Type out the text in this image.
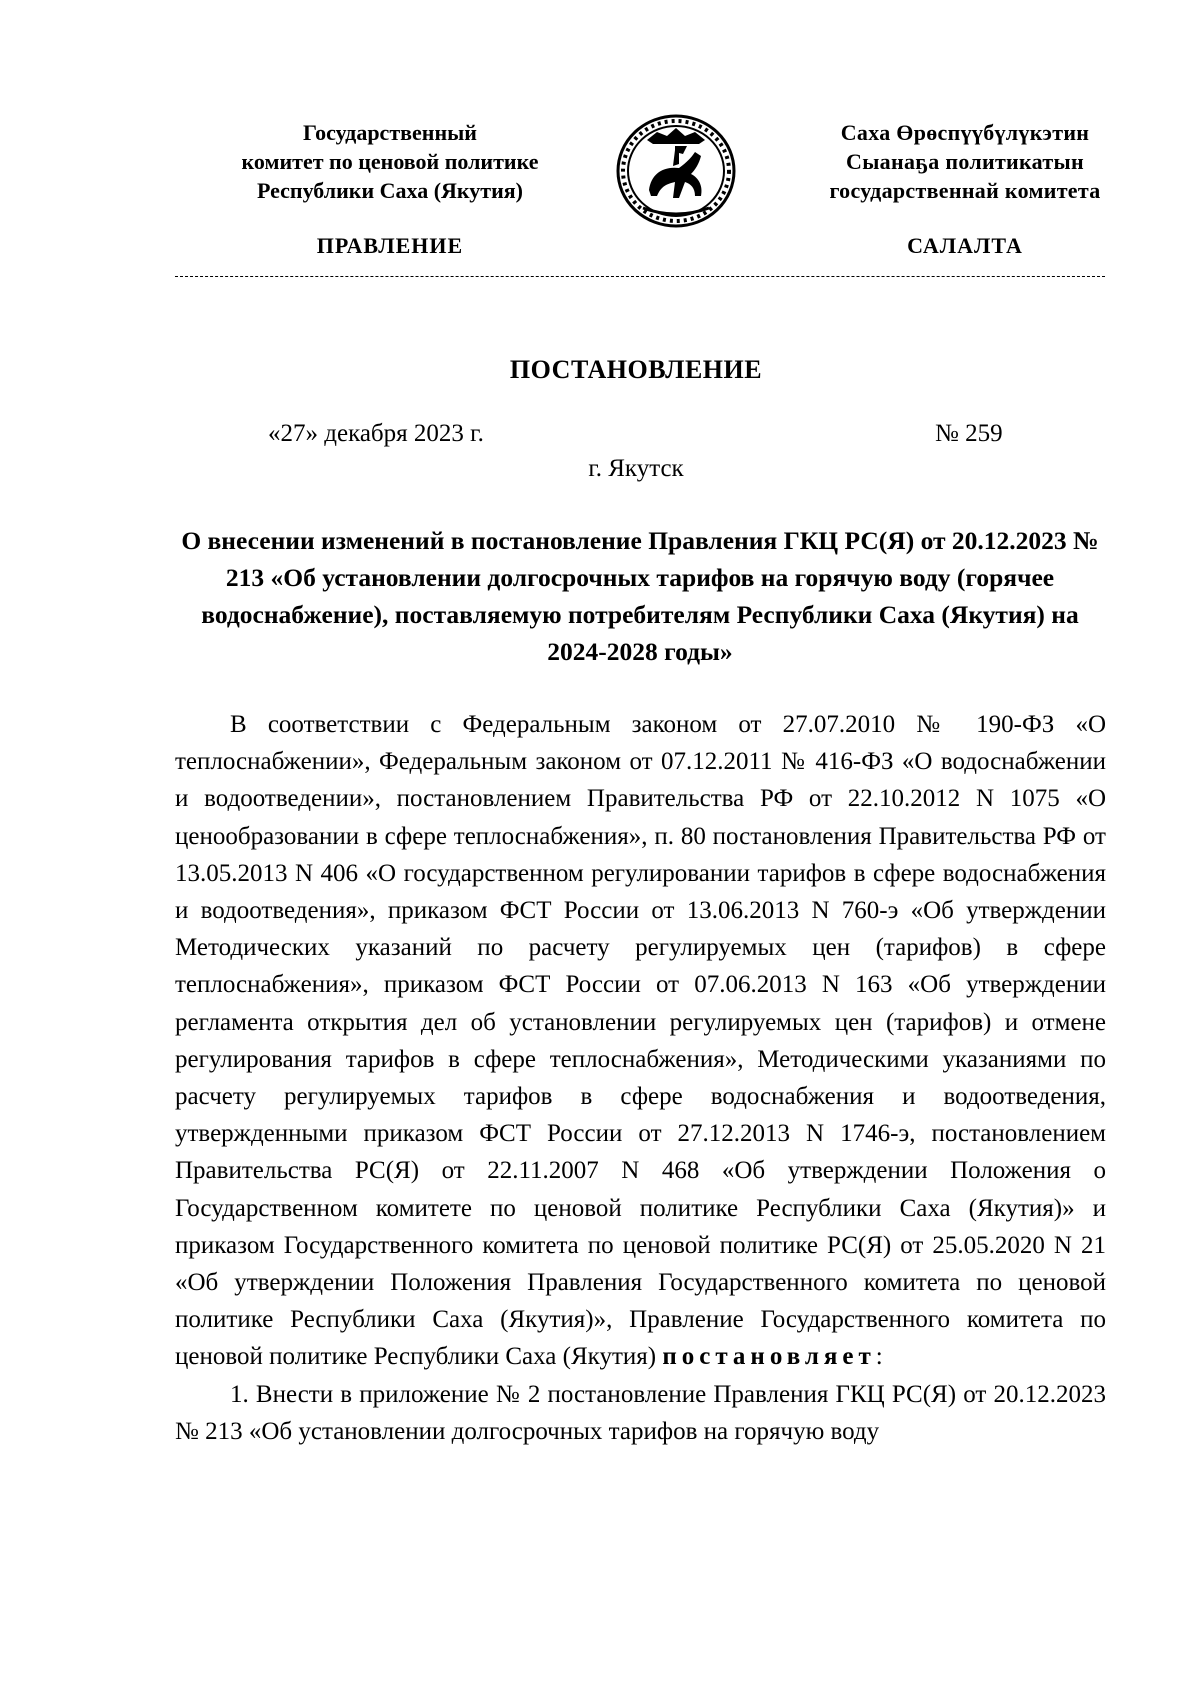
Государственный
комитет по ценовой политике
Республики Саха (Якутия)
Саха Өрөспүүбүлүкэтин
Сыанаҕа политикатын
государственнай комитета
ПРАВЛЕНИЕ	САЛАЛТА
ПОСТАНОВЛЕНИЕ
«27» декабря 2023 г.	№ 259
г. Якутск
О внесении изменений в постановление Правления ГКЦ РС(Я) от 20.12.2023 № 213 «Об установлении долгосрочных тарифов на горячую воду (горячее водоснабжение), поставляемую потребителям Республики Саха (Якутия) на 2024-2028 годы»

В соответствии с Федеральным законом от 27.07.2010 № 190-ФЗ «О теплоснабжении», Федеральным законом от 07.12.2011 № 416-ФЗ «О водоснабжении и водоотведении», постановлением Правительства РФ от 22.10.2012 N 1075 «О ценообразовании в сфере теплоснабжения», п. 80 постановления Правительства РФ от 13.05.2013 N 406 «О государственном регулировании тарифов в сфере водоснабжения и водоотведения», приказом ФСТ России от 13.06.2013 N 760-э «Об утверждении Методических указаний по расчету регулируемых цен (тарифов) в сфере теплоснабжения», приказом ФСТ России от 07.06.2013 N 163 «Об утверждении регламента открытия дел об установлении регулируемых цен (тарифов) и отмене регулирования тарифов в сфере теплоснабжения», Методическими указаниями по расчету регулируемых тарифов в сфере водоснабжения и водоотведения, утвержденными приказом ФСТ России от 27.12.2013 N 1746-э, постановлением Правительства РС(Я) от 22.11.2007 N 468 «Об утверждении Положения о Государственном комитете по ценовой политике Республики Саха (Якутия)» и приказом Государственного комитета по ценовой политике РС(Я) от 25.05.2020 N 21 «Об утверждении Положения Правления Государственного комитета по ценовой политике Республики Саха (Якутия)», Правление Государственного комитета по ценовой политике Республики Саха (Якутия) постановляет:

1. Внести в приложение № 2 постановление Правления ГКЦ РС(Я) от 20.12.2023 № 213 «Об установлении долгосрочных тарифов на горячую воду
